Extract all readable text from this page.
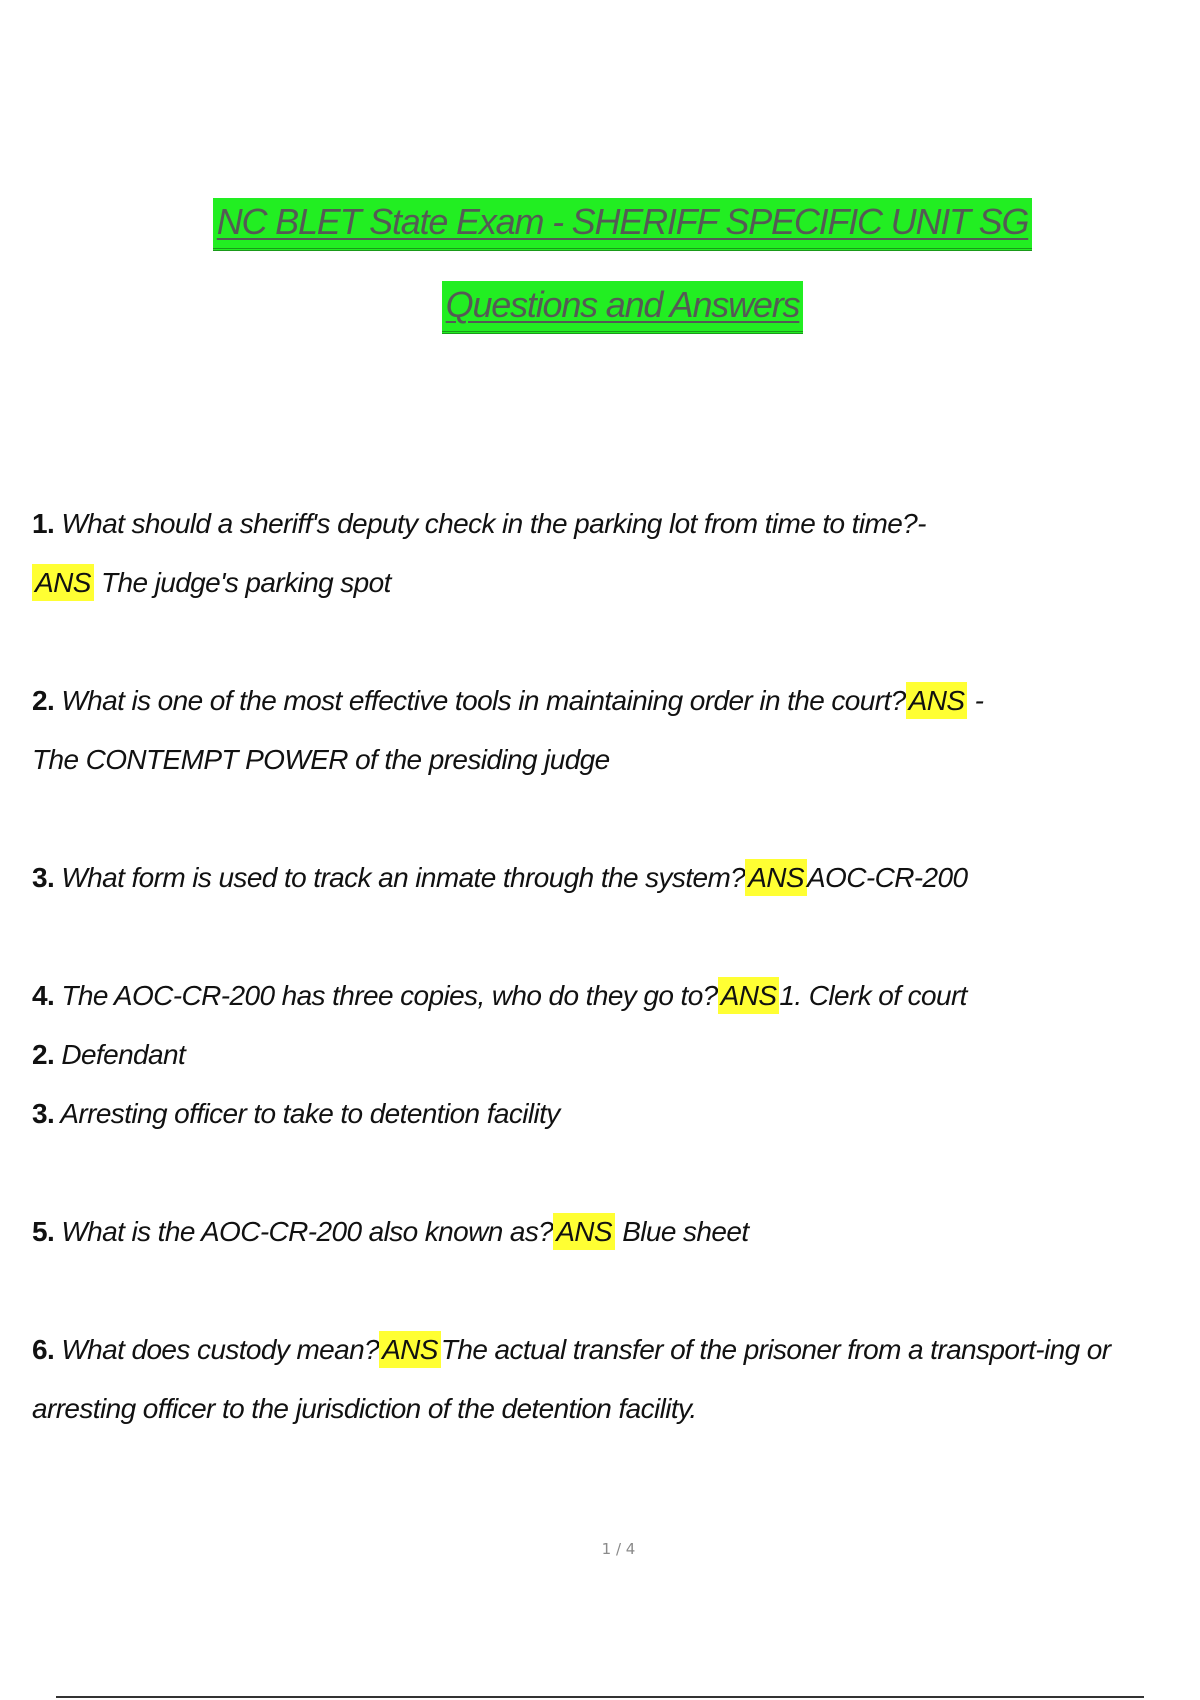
NC BLET State Exam - SHERIFF SPECIFIC UNIT SG
Questions and Answers
1. What should a sheriff's deputy check in the parking lot from time to time?-
ANS The judge's parking spot
2. What is one of the most effective tools in maintaining order in the court? ANS -
The CONTEMPT POWER of the presiding judge
3. What form is used to track an inmate through the system? ANS AOC-CR-200
4. The AOC-CR-200 has three copies, who do they go to? ANS 1. Clerk of court
2. Defendant
3. Arresting officer to take to detention facility
5. What is the AOC-CR-200 also known as? ANS Blue sheet
6. What does custody mean? ANS The actual transfer of the prisoner from a transport-ing or
arresting officer to the jurisdiction of the detention facility.
1 / 4
